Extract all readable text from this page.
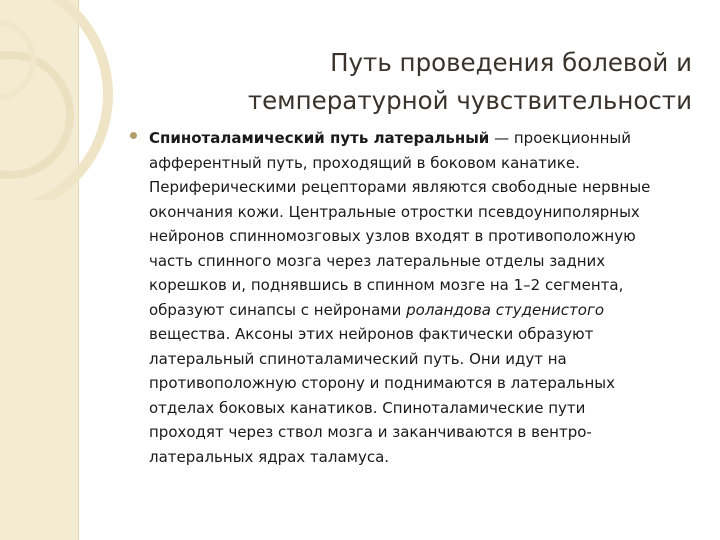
Путь проведения болевой и
температурной чувствительности
Спиноталамический путь латеральный — проекционный
афферентный путь, проходящий в боковом канатике.
Периферическими рецепторами являются свободные нервные
окончания кожи. Центральные отростки псевдоуниполярных
нейронов спинномозговых узлов входят в противоположную
часть спинного мозга через латеральные отделы задних
корешков и, поднявшись в спинном мозге на 1–2 сегмента,
образуют синапсы с нейронами роландова студенистого
вещества. Аксоны этих нейронов фактически образуют
латеральный спиноталамический путь. Они идут на
противоположную сторону и поднимаются в латеральных
отделах боковых канатиков. Спиноталамические пути
проходят через ствол мозга и заканчиваются в вентро-
латеральных ядрах таламуса.
